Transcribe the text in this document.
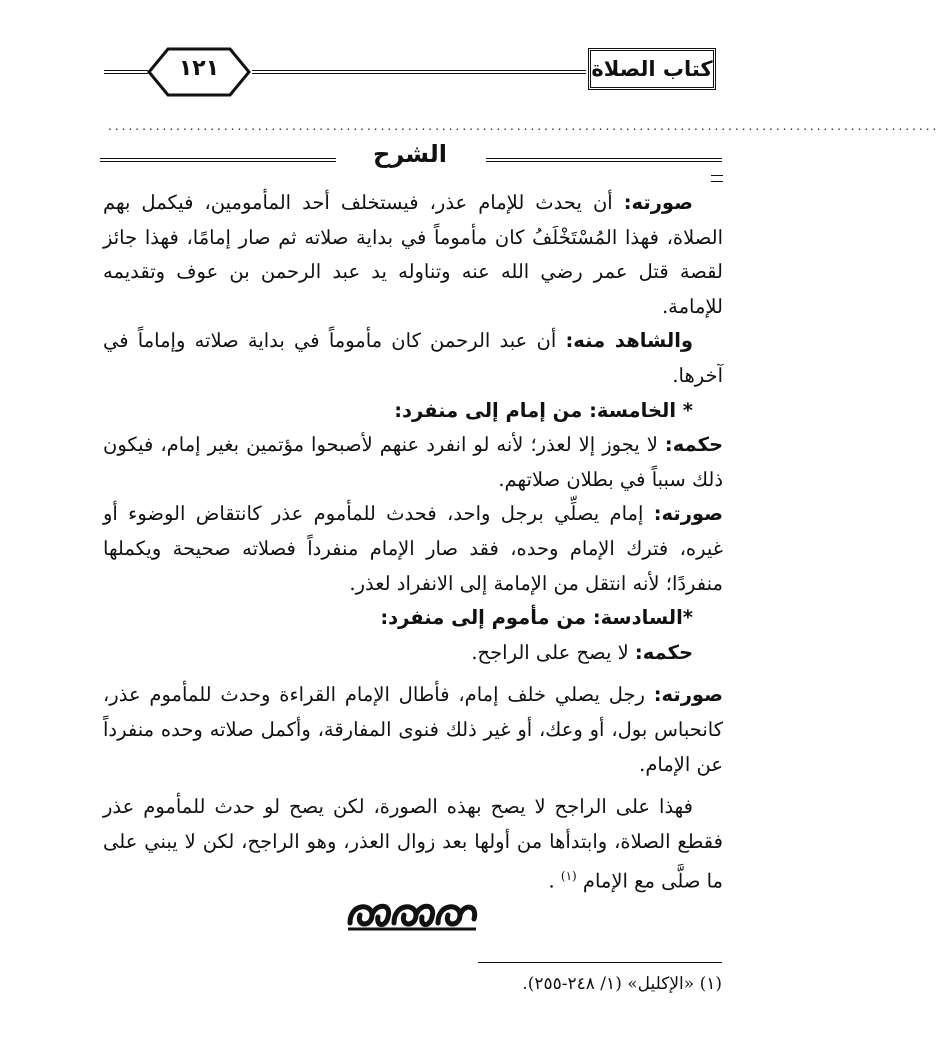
كتاب الصلاة
١٢١
..........................................................................................................................
الشرح

صورته: أن يحدث للإمام عذر، فيستخلف أحد المأمومين، فيكمل بهم الصلاة، فهذا المُسْتَخْلَفُ كان مأموماً في بداية صلاته ثم صار إمامًا، فهذا جائز لقصة قتل عمر رضي الله عنه وتناوله يد عبد الرحمن بن عوف وتقديمه للإمامة.

والشاهد منه: أن عبد الرحمن كان مأموماً في بداية صلاته وإماماً في آخرها.

* الخامسة: من إمام إلى منفرد:

حكمه: لا يجوز إلا لعذر؛ لأنه لو انفرد عنهم لأصبحوا مؤتمين بغير إمام، فيكون ذلك سبباً في بطلان صلاتهم.

صورته: إمام يصلِّي برجل واحد، فحدث للمأموم عذر كانتقاض الوضوء أو غيره، فترك الإمام وحده، فقد صار الإمام منفرداً فصلاته صحيحة ويكملها منفردًا؛ لأنه انتقل من الإمامة إلى الانفراد لعذر.

*السادسة: من مأموم إلى منفرد:

حكمه: لا يصح على الراجح.

صورته: رجل يصلي خلف إمام، فأطال الإمام القراءة وحدث للمأموم عذر، كانحباس بول، أو وعك، أو غير ذلك فنوى المفارقة، وأكمل صلاته وحده منفرداً عن الإمام.

فهذا على الراجح لا يصح بهذه الصورة، لكن يصح لو حدث للمأموم عذر فقطع الصلاة، وابتدأها من أولها بعد زوال العذر، وهو الراجح، لكن لا يبني على ما صلَّى مع الإمام $^{(١)}$ .

(١) «الإكليل» (١/ ٢٤٨-٢٥٥).
